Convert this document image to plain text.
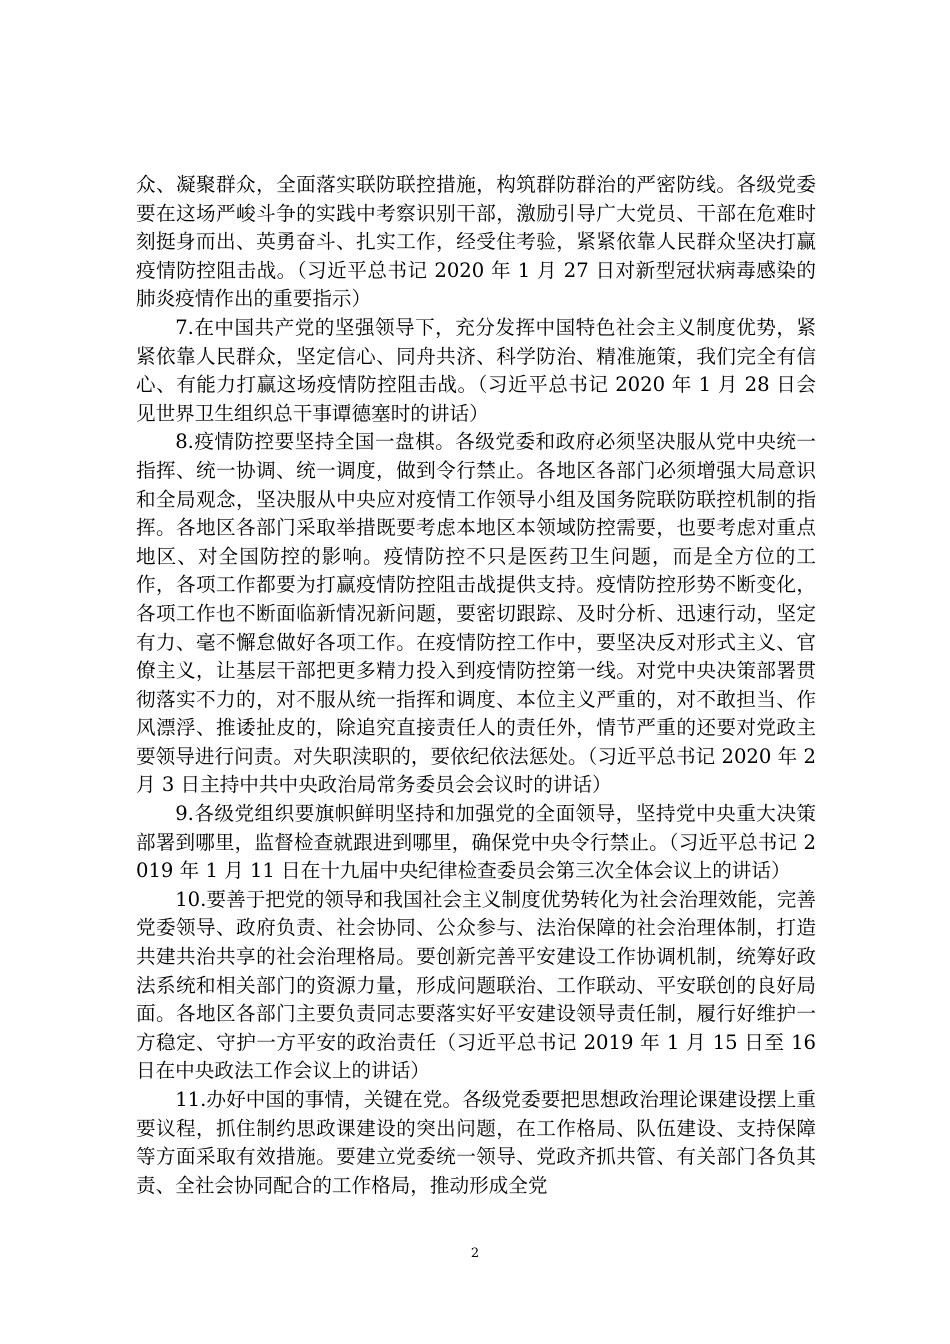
众、凝聚群众，全面落实联防联控措施，构筑群防群治的严密防线。各级党委要在这场严峻斗争的实践中考察识别干部，激励引导广大党员、干部在危难时刻挺身而出、英勇奋斗、扎实工作，经受住考验，紧紧依靠人民群众坚决打赢疫情防控阻击战。（习近平总书记 2020 年 1 月 27 日对新型冠状病毒感染的肺炎疫情作出的重要指示）

7.在中国共产党的坚强领导下，充分发挥中国特色社会主义制度优势，紧紧依靠人民群众，坚定信心、同舟共济、科学防治、精准施策，我们完全有信心、有能力打赢这场疫情防控阻击战。（习近平总书记 2020 年 1 月 28 日会见世界卫生组织总干事谭德塞时的讲话）

8.疫情防控要坚持全国一盘棋。各级党委和政府必须坚决服从党中央统一指挥、统一协调、统一调度，做到令行禁止。各地区各部门必须增强大局意识和全局观念，坚决服从中央应对疫情工作领导小组及国务院联防联控机制的指挥。各地区各部门采取举措既要考虑本地区本领域防控需要，也要考虑对重点地区、对全国防控的影响。疫情防控不只是医药卫生问题，而是全方位的工作，各项工作都要为打赢疫情防控阻击战提供支持。疫情防控形势不断变化，各项工作也不断面临新情况新问题，要密切跟踪、及时分析、迅速行动，坚定有力、毫不懈怠做好各项工作。在疫情防控工作中，要坚决反对形式主义、官僚主义，让基层干部把更多精力投入到疫情防控第一线。对党中央决策部署贯彻落实不力的，对不服从统一指挥和调度、本位主义严重的，对不敢担当、作风漂浮、推诿扯皮的，除追究直接责任人的责任外，情节严重的还要对党政主要领导进行问责。对失职渎职的，要依纪依法惩处。（习近平总书记 2020 年 2 月 3 日主持中共中央政治局常务委员会会议时的讲话）

9.各级党组织要旗帜鲜明坚持和加强党的全面领导，坚持党中央重大决策部署到哪里，监督检查就跟进到哪里，确保党中央令行禁止。（习近平总书记 2019 年 1 月 11 日在十九届中央纪律检查委员会第三次全体会议上的讲话）

10.要善于把党的领导和我国社会主义制度优势转化为社会治理效能，完善党委领导、政府负责、社会协同、公众参与、法治保障的社会治理体制，打造共建共治共享的社会治理格局。要创新完善平安建设工作协调机制，统筹好政法系统和相关部门的资源力量，形成问题联治、工作联动、平安联创的良好局面。各地区各部门主要负责同志要落实好平安建设领导责任制，履行好维护一方稳定、守护一方平安的政治责任（习近平总书记 2019 年 1 月 15 日至 16 日在中央政法工作会议上的讲话）

11.办好中国的事情，关键在党。各级党委要把思想政治理论课建设摆上重要议程，抓住制约思政课建设的突出问题，在工作格局、队伍建设、支持保障等方面采取有效措施。要建立党委统一领导、党政齐抓共管、有关部门各负其责、全社会协同配合的工作格局，推动形成全党

2
